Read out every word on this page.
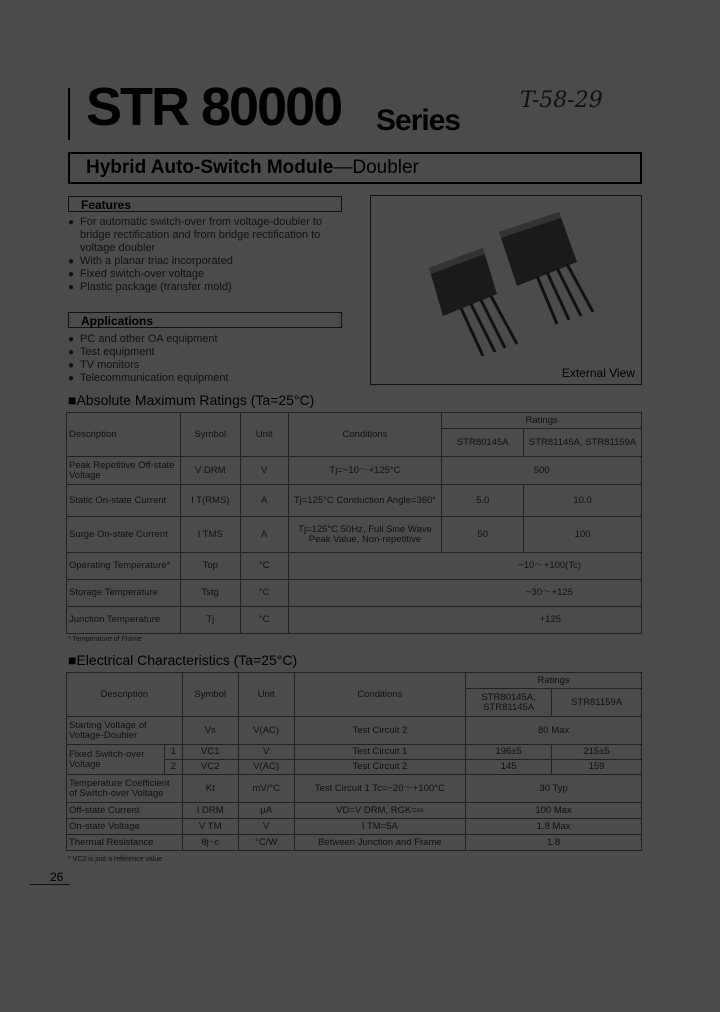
STR 80000 Series
T-58-29
Hybrid Auto-Switch Module—Doubler
Features
● For automatic switch-over from voltage-doubler to bridge rectification and from bridge rectification to voltage doubler
● With a planar triac incorporated
● Fixed switch-over voltage
● Plastic package (transfer mold)
Applications
● PC and other OA equipment
● Test equipment
● TV monitors
● Telecommunication equipment	External View
■Absolute Maximum Ratings (Ta=25°C)
Description	Symbol	Unit	Conditions	Ratings	
				STR80145A	STR81145A, STR81159A
Peak Repetitive Off-state Voltage	V DRM	V	Tj=−10～+125°C	500	
Static On-state Current	I T(RMS)	A	Tj=125°C Conduction Angle=360°	5.0	10.0
Surge On-state Current	I TMS	A	Tj=125°C 50Hz, Full Sine Wave Peak Value, Non-repetitive	50	100
Operating Temperature*	Top	°C	−10～+100(Tc)		
Storage Temperature	Tstg	°C	−30～+125		
Junction Temperature	Tj	°C	+125		
* Temperature of Frame
■Electrical Characteristics (Ta=25°C)
Description		Symbol	Unit	Conditions	Ratings	
					STR80145A, STR81145A	STR81159A
Starting Voltage of Voltage-Doubler		Vs	V(AC)	Test Circuit 2	80 Max	
Fixed Switch-over Voltage	1	VC1	V	Test Circuit 1	196±5	215±5
	2	VC2	V(AC)	Test Circuit 2	145	159
Temperature Coefficient of Switch-over Voltage		Kt	mV/°C	Test Circuit 1 Tc=−20～+100°C	30 Typ	
Off-state Current		I DRM	μA	VD=V DRM, RGK=∞	100 Max	
On-state Voltage		V TM	V	I TM=5A	1.8 Max	
Thermal Resistance		θj−c	°C/W	Between Junction and Frame	1.8	
* VC2 is just a reference value
26
